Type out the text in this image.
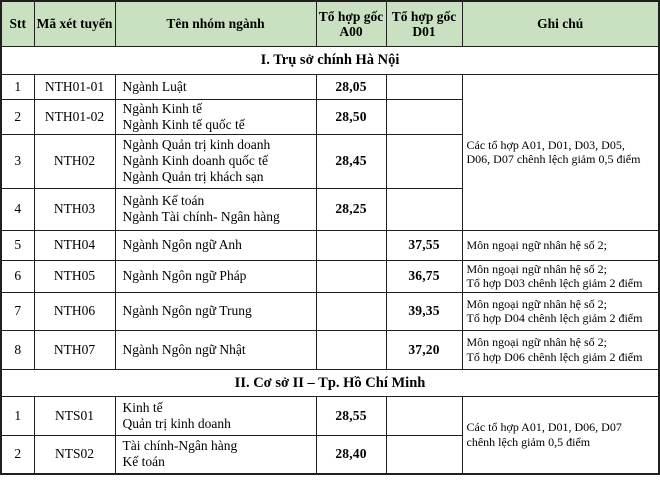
Stt	Mã xét tuyển	Tên nhóm ngành	Tổ hợp gốc A00	Tổ hợp gốc D01	Ghi chú
I. Trụ sở chính Hà Nội					
1	NTH01-01	Ngành Luật	28,05		Các tổ hợp A01, D01, D03, D05,
D06, D07 chênh lệch giảm 0,5 điểm

2	NTH01-02	Ngành Kinh tế
Ngành Kinh tế quốc tế	28,50		
3	NTH02	Ngành Quản trị kinh doanh
Ngành Kinh doanh quốc tế
Ngành Quản trị khách sạn	28,45		
4	NTH03	Ngành Kế toán
Ngành Tài chính- Ngân hàng	28,25		
5	NTH04	Ngành Ngôn ngữ Anh		37,55	Môn ngoại ngữ nhân hệ số 2;

6	NTH05	Ngành Ngôn ngữ Pháp		36,75	Môn ngoại ngữ nhân hệ số 2;
Tổ hợp D03 chênh lệch giảm 2 điểm

7	NTH06	Ngành Ngôn ngữ Trung		39,35	Môn ngoại ngữ nhân hệ số 2;
Tổ hợp D04 chênh lệch giảm 2 điểm

8	NTH07	Ngành Ngôn ngữ Nhật		37,20	Môn ngoại ngữ nhân hệ số 2;
Tổ hợp D06 chênh lệch giảm 2 điểm

II. Cơ sở II – Tp. Hồ Chí Minh					
1	NTS01	Kinh tế
Quản trị kinh doanh	28,55		Các tổ hợp A01, D01, D06, D07
chênh lệch giảm 0,5 điểm

2	NTS02	Tài chính-Ngân hàng
Kế toán	28,40		
